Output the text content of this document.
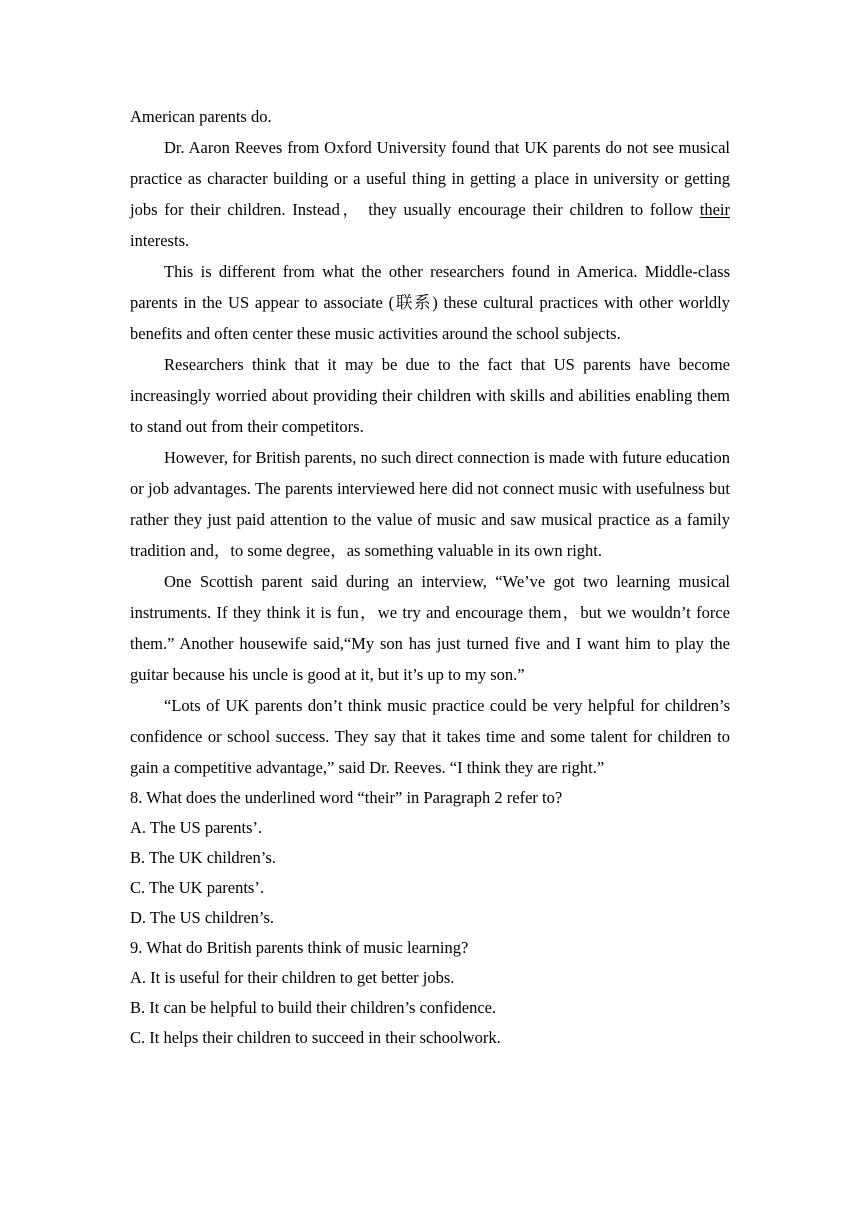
American parents do.

Dr. Aaron Reeves from Oxford University found that UK parents do not see musical practice as character building or a useful thing in getting a place in university or getting jobs for their children. Instead， they usually encourage their children to follow their interests.

This is different from what the other researchers found in America. Middle-class parents in the US appear to associate (联系) these cultural practices with other worldly benefits and often center these music activities around the school subjects.

Researchers think that it may be due to the fact that US parents have become increasingly worried about providing their children with skills and abilities enabling them to stand out from their competitors.

However, for British parents, no such direct connection is made with future education or job advantages. The parents interviewed here did not connect music with usefulness but rather they just paid attention to the value of music and saw musical practice as a family tradition and，to some degree，as something valuable in its own right.

One Scottish parent said during an interview, “We’ve got two learning musical instruments. If they think it is fun，we try and encourage them，but we wouldn’t force them.” Another housewife said,“My son has just turned five and I want him to play the guitar because his uncle is good at it, but it’s up to my son.”

“Lots of UK parents don’t think music practice could be very helpful for children’s confidence or school success. They say that it takes time and some talent for children to gain a competitive advantage,” said Dr. Reeves. “I think they are right.”

8. What does the underlined word “their” in Paragraph 2 refer to?

A. The US parents’.

B. The UK children’s.

C. The UK parents’.

D. The US children’s.

9. What do British parents think of music learning?

A. It is useful for their children to get better jobs.

B. It can be helpful to build their children’s confidence.

C. It helps their children to succeed in their schoolwork.
